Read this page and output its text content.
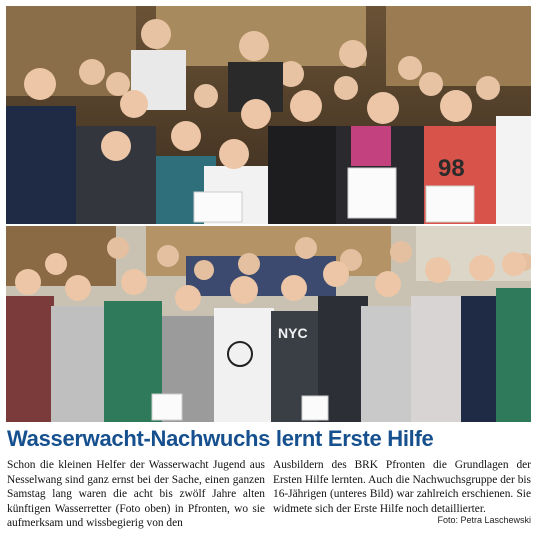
98
NYC
Wasserwacht-Nachwuchs lernt Erste Hilfe
Schon die kleinen Helfer der Wasserwacht Jugend aus Nesselwang sind ganz ernst bei der Sache, einen ganzen Samstag lang waren die acht bis zwölf Jahre alten künftigen Wasserretter (Foto oben) in Pfronten, wo sie aufmerksam und wissbegierig von den
Ausbildern des BRK Pfronten die Grundlagen der Ersten Hilfe lernten. Auch die Nachwuchsgruppe der bis 16-Jährigen (unteres Bild) war zahlreich erschienen. Sie widmete sich der Erste Hilfe noch detaillierter.
Foto: Petra Laschewski
